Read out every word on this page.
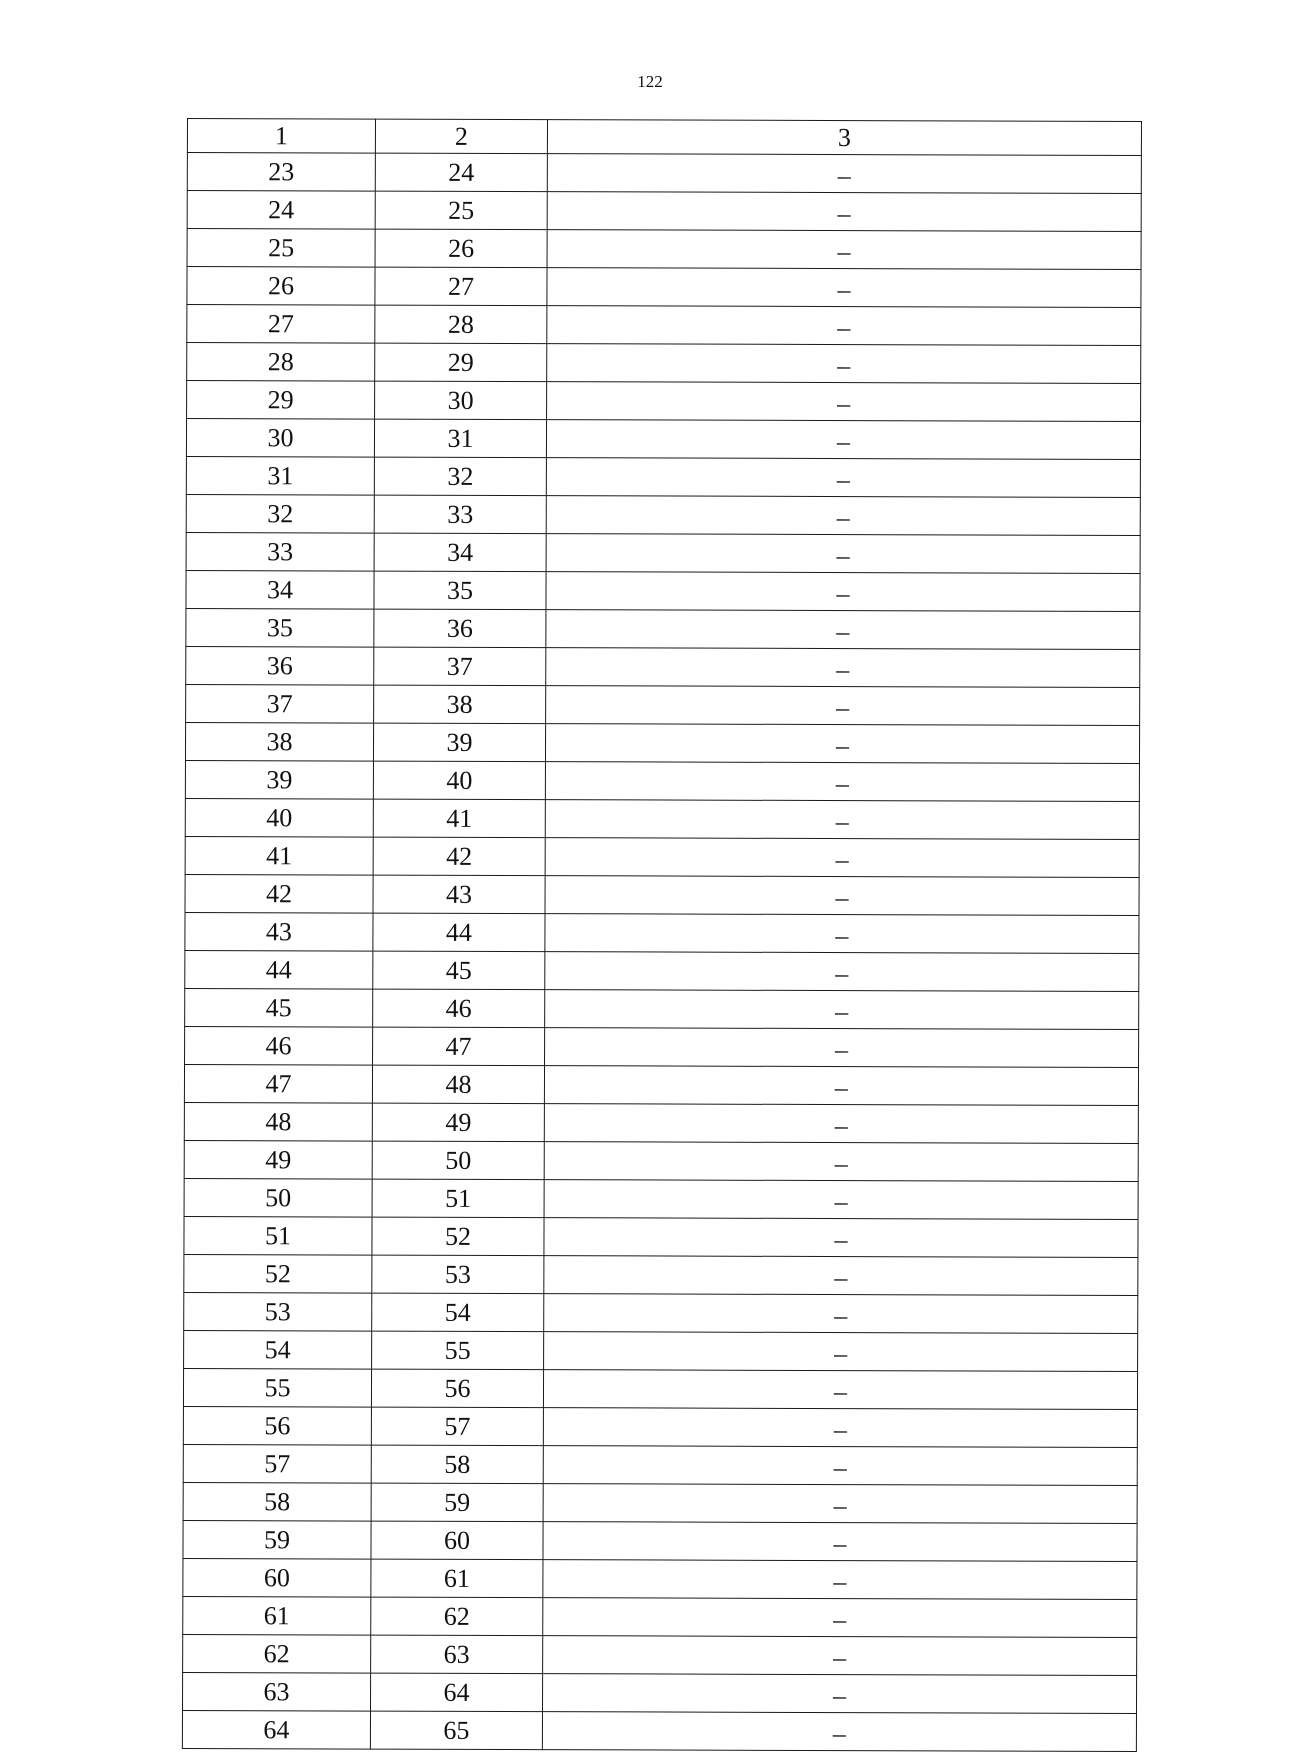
122
1	2	3
23	24	–
24	25	–
25	26	–
26	27	–
27	28	–
28	29	–
29	30	–
30	31	–
31	32	–
32	33	–
33	34	–
34	35	–
35	36	–
36	37	–
37	38	–
38	39	–
39	40	–
40	41	–
41	42	–
42	43	–
43	44	–
44	45	–
45	46	–
46	47	–
47	48	–
48	49	–
49	50	–
50	51	–
51	52	–
52	53	–
53	54	–
54	55	–
55	56	–
56	57	–
57	58	–
58	59	–
59	60	–
60	61	–
61	62	–
62	63	–
63	64	–
64	65	–
